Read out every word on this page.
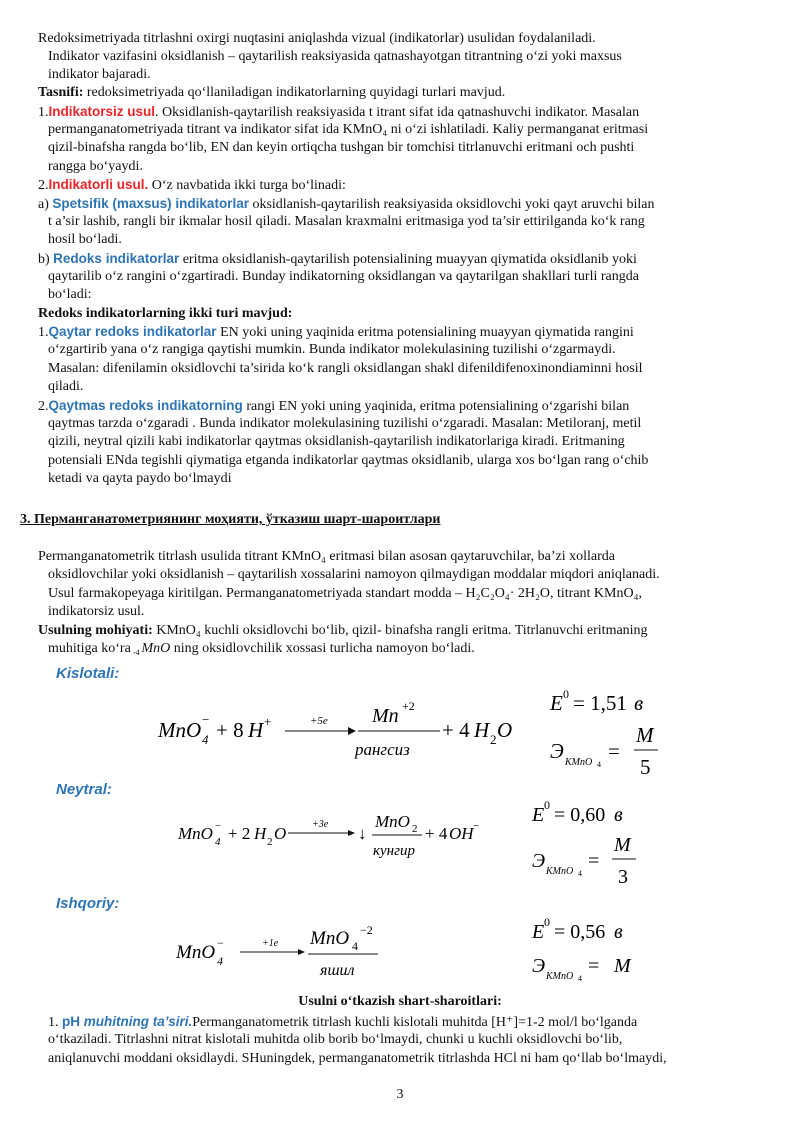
Redoksimetriyada titrlashni oxirgi nuqtasini aniqlashda vizual (indikatorlar) usulidan foydalaniladi.
Indikator vazifasini oksidlanish – qaytarilish reaksiyasida qatnashayotgan titrantning o‘zi yoki maxsus
indikator bajaradi.
Tasnifi: redoksimetriyada qo‘llaniladigan indikatorlarning quyidagi turlari mavjud.
1.Indikatorsiz usul. Oksidlanish-qaytarilish reaksiyasida t itrant sifat ida qatnashuvchi indikator. Masalan
permanganatometriyada titrant va indikator sifat ida KMnO₄ ni o‘zi ishlatiladi. Kaliy permanganat eritmasi
qizil-binafsha rangda bo‘lib, EN dan keyin ortiqcha tushgan bir tomchisi titrlanuvchi eritmani och pushti
rangga bo‘yaydi.
2.Indikatorli usul. O‘z navbatida ikki turga bo‘linadi:
a) Spetsifik (maxsus) indikatorlar oksidlanish-qaytarilish reaksiyasida oksidlovchi yoki qayt aruvchi bilan
t a’sir lashib, rangli bir ikmalar hosil qiladi. Masalan kraxmalni eritmasiga yod ta’sir ettirilganda ko‘k rang
hosil bo‘ladi.
b) Redoks indikatorlar eritma oksidlanish-qaytarilish potensialining muayyan qiymatida oksidlanib yoki
qaytarilib o‘z rangini o‘zgartiradi. Bunday indikatorning oksidlangan va qaytarilgan shakllari turli rangda
bo‘ladi:
Redoks indikatorlarning ikki turi mavjud:
1.Qaytar redoks indikatorlar EN yoki uning yaqinida eritma potensialining muayyan qiymatida rangini
o‘zgartirib yana o‘z rangiga qaytishi mumkin. Bunda indikator molekulasining tuzilishi o‘zgarmaydi.
Masalan: difenilamin oksidlovchi ta’sirida ko‘k rangli oksidlangan shakl difenildifenoxinondiaminni hosil
qiladi.
2.Qaytmas redoks indikatorning rangi EN yoki uning yaqinida, eritma potensialining o‘zgarishi bilan
qaytmas tarzda o‘zgaradi . Bunda indikator molekulasining tuzilishi o‘zgaradi. Masalan: Metiloranj, metil
qizili, neytral qizili kabi indikatorlar qaytmas oksidlanish-qaytarilish indikatorlariga kiradi. Eritmaning
potensiali ENda tegishli qiymatiga etganda indikatorlar qaytmas oksidlanib, ularga xos bo‘lgan rang o‘chib
ketadi va qayta paydo bo‘lmaydi
3. Перманганатометриянинг моҳияти, ўтказиш шарт-шароитлари
Permanganatometrik titrlash usulida titrant KMnO₄ eritmasi bilan asosan qaytaruvchilar, ba’zi xollarda
oksidlovchilar yoki oksidlanish – qaytarilish xossalarini namoyon qilmaydigan moddalar miqdori aniqlanadi.
Usul farmakopeyaga kiritilgan. Permanganatometriyada standart modda – H₂C₂O₄· 2H₂O, titrant KMnO₄,
indikatorsiz usul.
Usulning mohiyati: KMnO₄ kuchli oksidlovchi bo‘lib, qizil- binafsha rangli eritma. Titrlanuvchi eritmaning
muhitiga ko‘ra $_{-4}$ MnO ning oksidlovchilik xossasi turlicha namoyon bo‘ladi.
Kislotali:
MnO 4
− + 8 H +	+5e Mn +2
рангсиз
+ 4 H 2 O
E 0 = 1,51 в
Э KMnO 4
=
M
5
Neytral:
MnO 4
− + 2 H 2 O	+3e ↓
MnO 2
кунгир
+ 4 OH −	E 0 = 0,60 в
Э KMnO 4
=
M
3
Ishqoriy:
MnO 4
−	+1e MnO 4
−2
яшил
E 0 = 0,56 в
Э KMnO 4
= M
Usulni o‘tkazish shart-sharoitlari:
1. pH muhitning ta’siri.Permanganatometrik titrlash kuchli kislotali muhitda [H⁺]=1-2 mol/l bo‘lganda
o‘tkaziladi. Titrlashni nitrat kislotali muhitda olib borib bo‘lmaydi, chunki u kuchli oksidlovchi bo‘lib,
aniqlanuvchi moddani oksidlaydi. SHuningdek, permanganatometrik titrlashda HCl ni ham qo‘llab bo‘lmaydi,
3
